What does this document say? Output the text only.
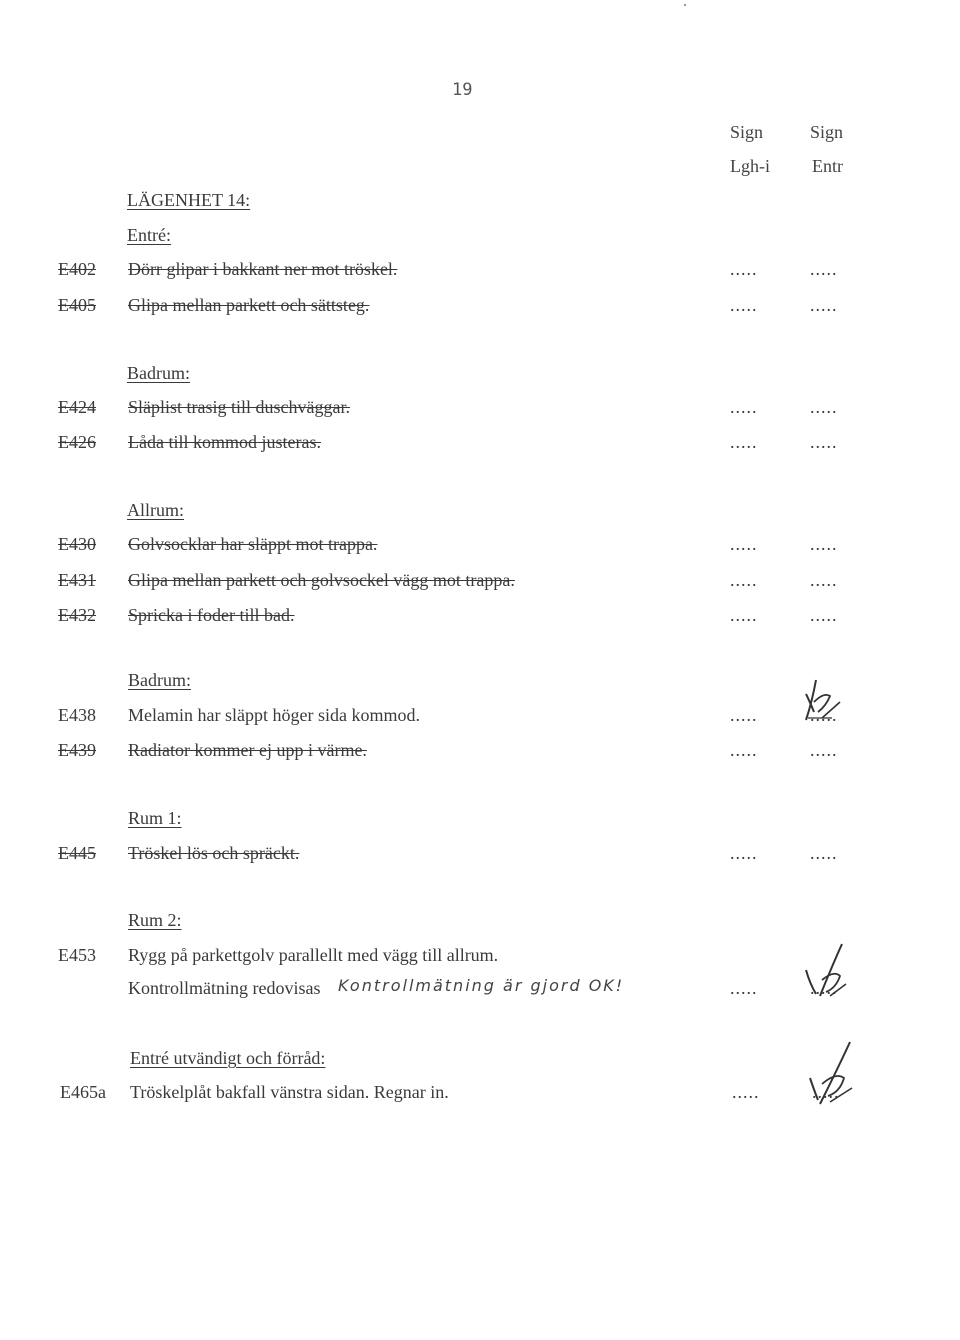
19
Sign
Lgh-i
Sign
Entr
LÄGENHET 14:
Entré:
E402 Dörr glipar i bakkant ner mot tröskel.	.....	.....
E405 Glipa mellan parkett och sättsteg.	.....	.....
Badrum:
E424 Släplist trasig till duschväggar.	.....	.....
E426 Låda till kommod justeras.	.....	.....
Allrum:
E430 Golvsocklar har släppt mot trappa.	.....	.....
E431 Glipa mellan parkett och golvsockel vägg mot trappa.	.....	.....
E432 Spricka i foder till bad.	.....	.....
Badrum:
E438 Melamin har släppt höger sida kommod.	.....	.....
E439 Radiator kommer ej upp i värme.	.....	.....
Rum 1:
E445 Tröskel lös och spräckt.	.....	.....
Rum 2:
E453 Rygg på parkettgolv parallellt med vägg till allrum.
Kontrollmätning redovisas Kontrollmätning är gjord OK!	.....	.....
Entré utvändigt och förråd:
E465a Tröskelplåt bakfall vänstra sidan. Regnar in.	.....	.....
